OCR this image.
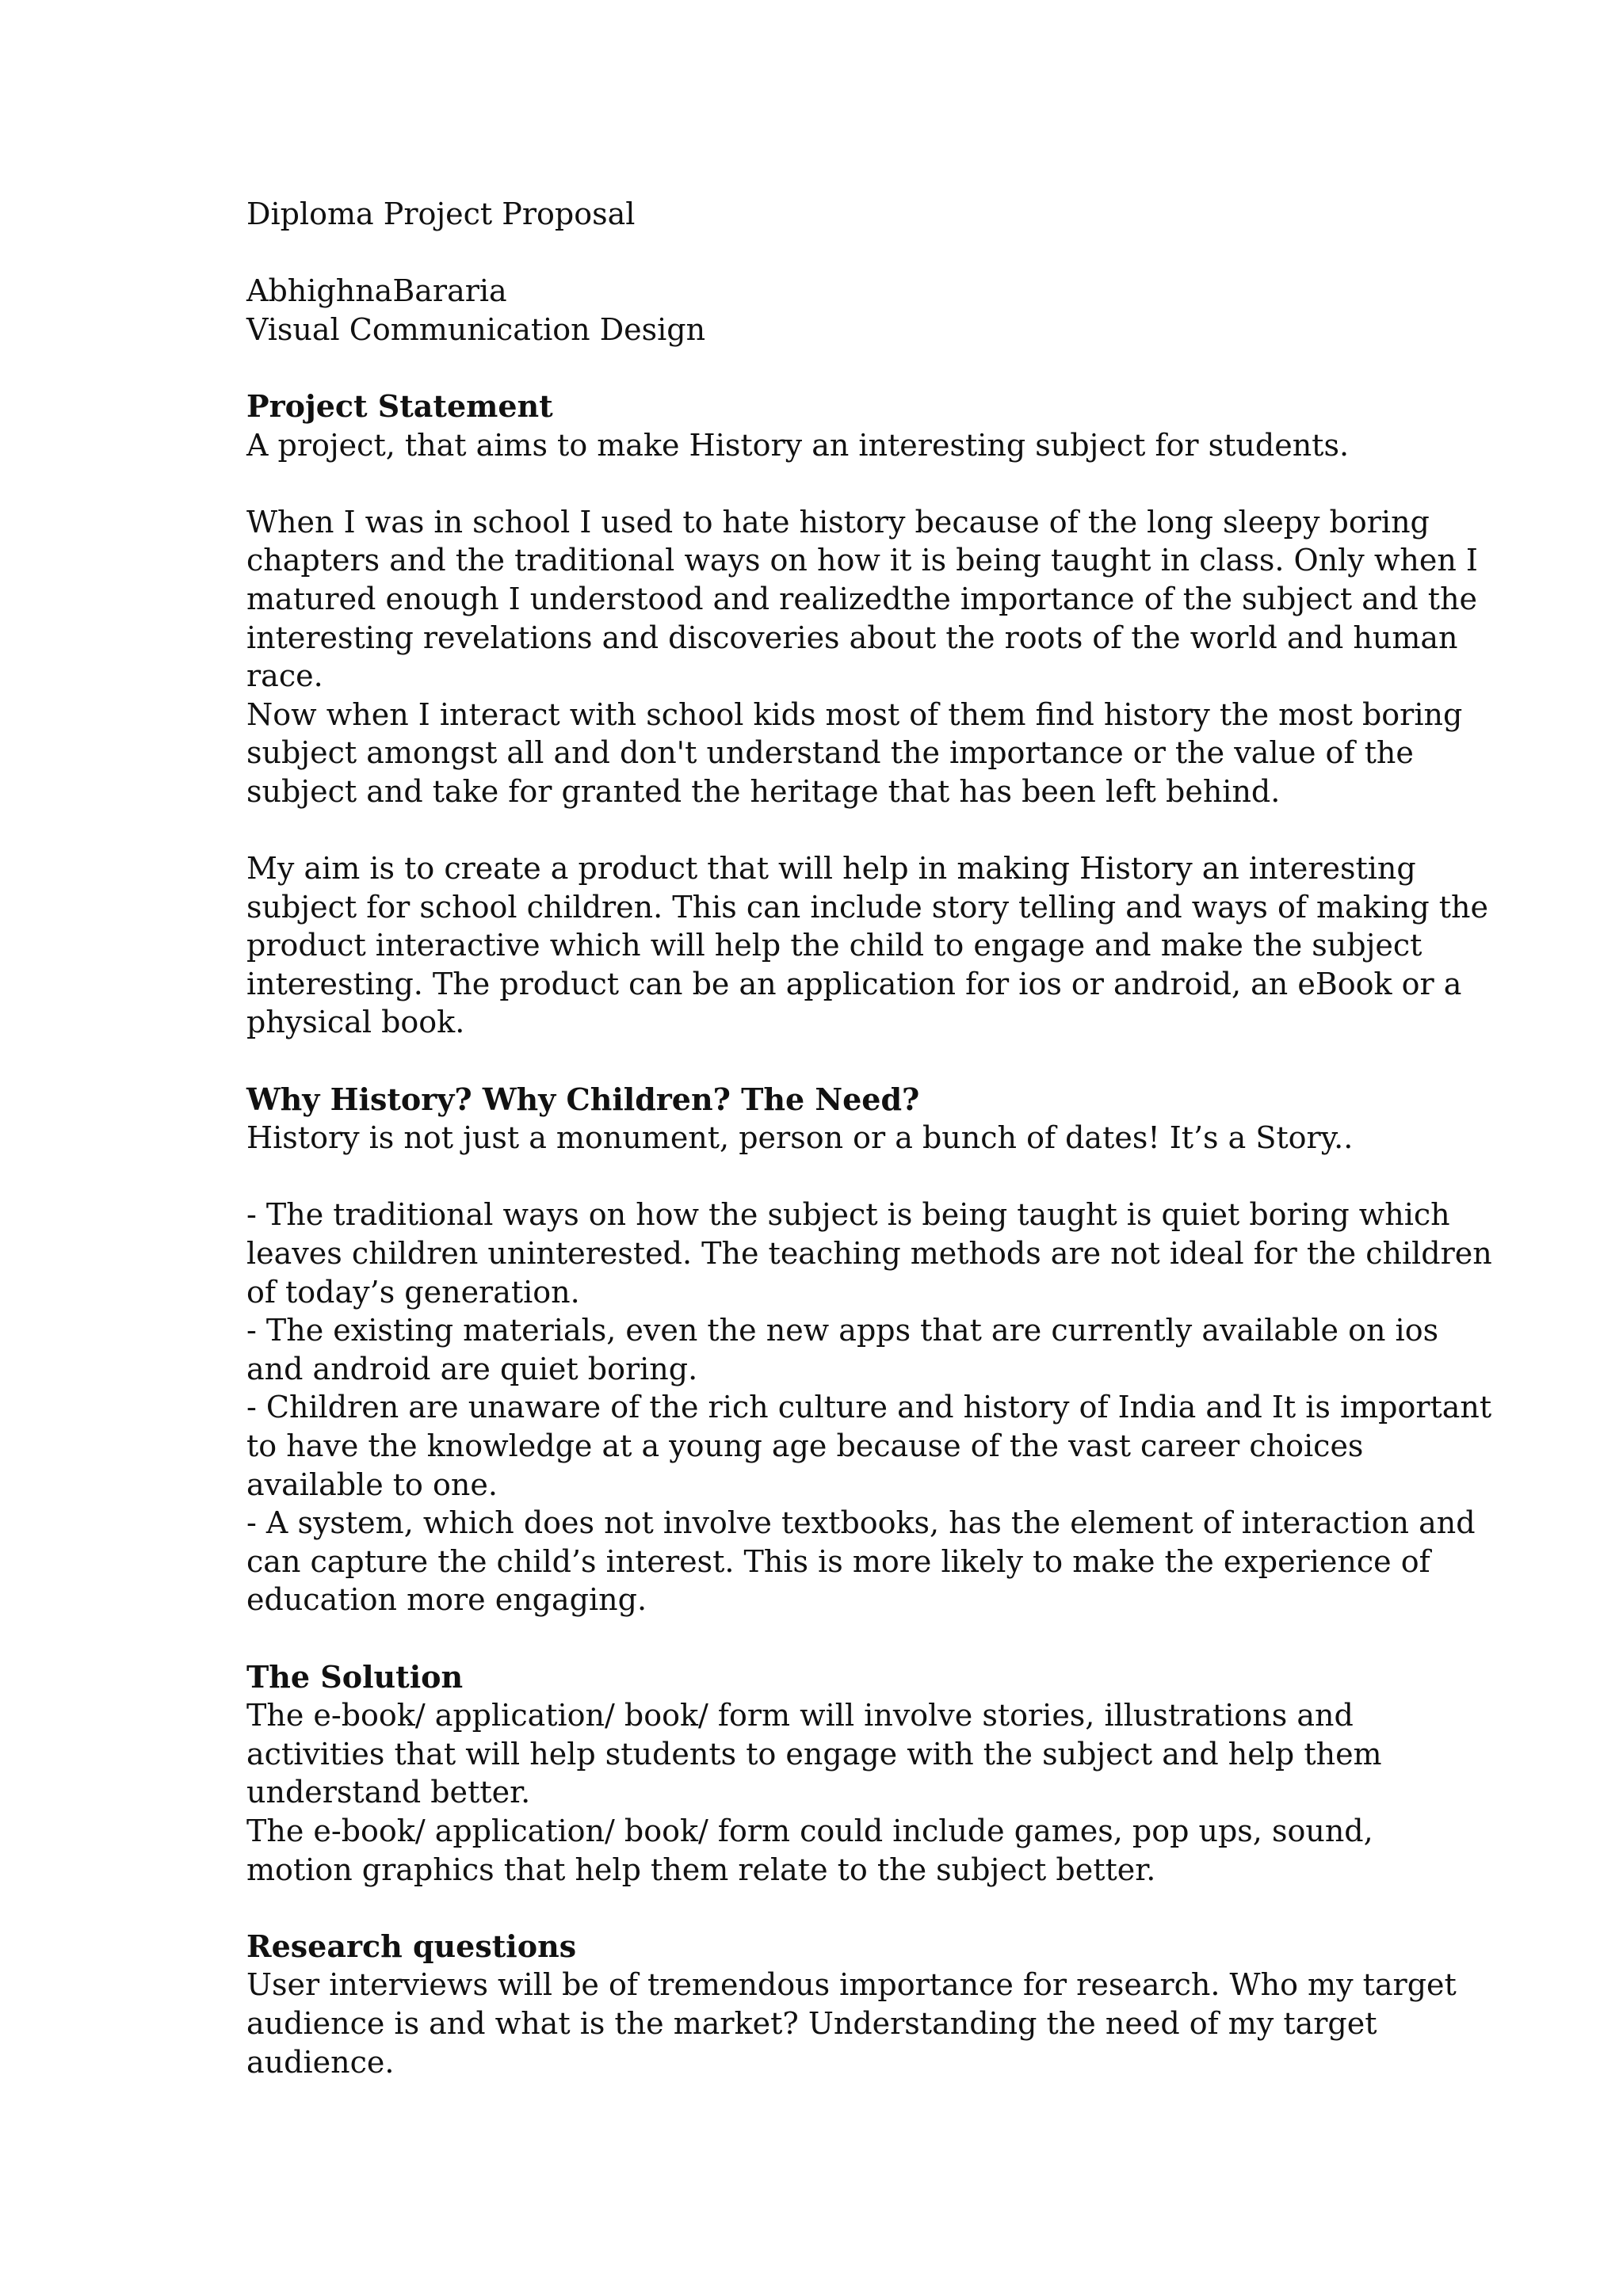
Diploma Project Proposal
AbhighnaBararia
Visual Communication Design
Project Statement
A project, that aims to make History an interesting subject for students.
When I was in school I used to hate history because of the long sleepy boring
chapters and the traditional ways on how it is being taught in class. Only when I
matured enough I understood and realizedthe importance of the subject and the
interesting revelations and discoveries about the roots of the world and human
race.
Now when I interact with school kids most of them find history the most boring
subject amongst all and don't understand the importance or the value of the
subject and take for granted the heritage that has been left behind.
My aim is to create a product that will help in making History an interesting
subject for school children. This can include story telling and ways of making the
product interactive which will help the child to engage and make the subject
interesting. The product can be an application for ios or android, an eBook or a
physical book.
Why History? Why Children? The Need?
History is not just a monument, person or a bunch of dates! It’s a Story..
- The traditional ways on how the subject is being taught is quiet boring which
leaves children uninterested. The teaching methods are not ideal for the children
of today’s generation.
- The existing materials, even the new apps that are currently available on ios
and android are quiet boring.
- Children are unaware of the rich culture and history of India and It is important
to have the knowledge at a young age because of the vast career choices
available to one.
- A system, which does not involve textbooks, has the element of interaction and
can capture the child’s interest. This is more likely to make the experience of
education more engaging.
The Solution
The e-book/ application/ book/ form will involve stories, illustrations and
activities that will help students to engage with the subject and help them
understand better.
The e-book/ application/ book/ form could include games, pop ups, sound,
motion graphics that help them relate to the subject better.
Research questions
User interviews will be of tremendous importance for research. Who my target
audience is and what is the market? Understanding the need of my target
audience.
